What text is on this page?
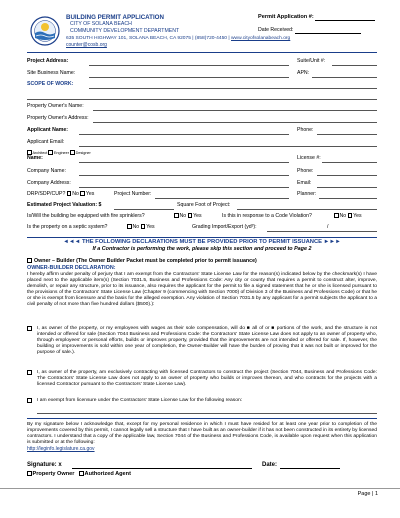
BUILDING PERMIT APPLICATION
CITY OF SOLANA BEACH
COMMUNITY DEVELOPMENT DEPARTMENT
635 SOUTH HIGHWAY 101, SOLANA BEACH, CA 92075 | (858)720-4450 | www.cityofsolanabeach.org
counter@cosb.org
Permit Application #:
Date Received:
Project Address:	Suite/Unit #:
Site Business Name:	APN:
SCOPE OF WORK:
Property Owner's Name:
Property Owner's Address:
Applicant Name:	Phone:
Applicant Email:
Architect Engineer Designer
Name:	License #:
Company Name:	Phone:
Company Address:	Email:
DRP/SDP/CUP? No Yes	Project Number:	Planner:
Estimated Project Valuation: $	Square Foot of Project:
Is/Will the building be equipped with fire sprinklers?	No Yes	Is this in response to a Code Violation?	No Yes
Is the property on a septic system?	No Yes	Grading Import/Export (yd³):	/
◄◄◄ THE FOLLOWING DECLARATIONS MUST BE PROVIDED PRIOR TO PERMIT ISSUANCE ►►►
If a Contractor is performing the work, please skip this section and proceed to Page 2
Owner – Builder (The Owner Builder Packet must be completed prior to permit issuance)
OWNER-BUILDER DECLARATION:
I hereby affirm under penalty of perjury that I am exempt from the Contractors' State License Law for the reason(s) indicated below by the checkmark(s) I have placed next to the applicable item(s) (Section 7031.5, Business and Professions Code: Any city or county that requires a permit to construct alter, improve, demolish, or repair any structure, prior to its issuance, also requires the applicant for the permit to file a signed statement that he or she is licensed pursuant to the provisions of the Contractors' State License Law (Chapter 9 (commencing with Section 7000) of Division 3 of the Business and Professions Code) or that he or she is exempt from licensure and the basis for the alleged exemption. Any violation of Section 7031.5 by any applicant for a permit subjects the applicant to a civil penalty of not more than five hundred dollars ($500).):
I, as owner of the property, or my employees with wages as their sole compensation, will do ■ all of or ■ portions of the work, and the structure is not intended or offered for sale (Section 7044 Business and Professions Code: the Contractors' State License Law does not apply to an owner of property who, through employees' or personal efforts, builds or improves property, provided that the improvements are not intended or offered for sale. If, however, the building or improvements is sold within one year of completion, the Owner-Builder will have the burden of proving that it was not built or improved for the purpose of sale.).
I, as owner of the property, am exclusively contracting with licensed Contractors to construct the project (Section 7044, Business and Professions Code: The Contractors' State License Law does not apply to an owner of property who builds or improves thereon, and who contracts for the projects with a licensed Contractor pursuant to the Contractors' State License Law).
I am exempt from licensure under the Contractors' State License Law for the following reason:
By my signature below I acknowledge that, except for my personal residence in which I must have resided for at least one year prior to completion of the improvements covered by this permit, I cannot legally sell a structure that I have built as an owner-builder if it has not been constructed in its entirety by licensed contractors. I understand that a copy of the applicable law, Section 7044 of the Business and Professions Code, is available upon request when this application is submitted or at the following:
http://leginfo.legislature.ca.gov
Signature: x	Date:
Property Owner Authorized Agent
Page | 1
